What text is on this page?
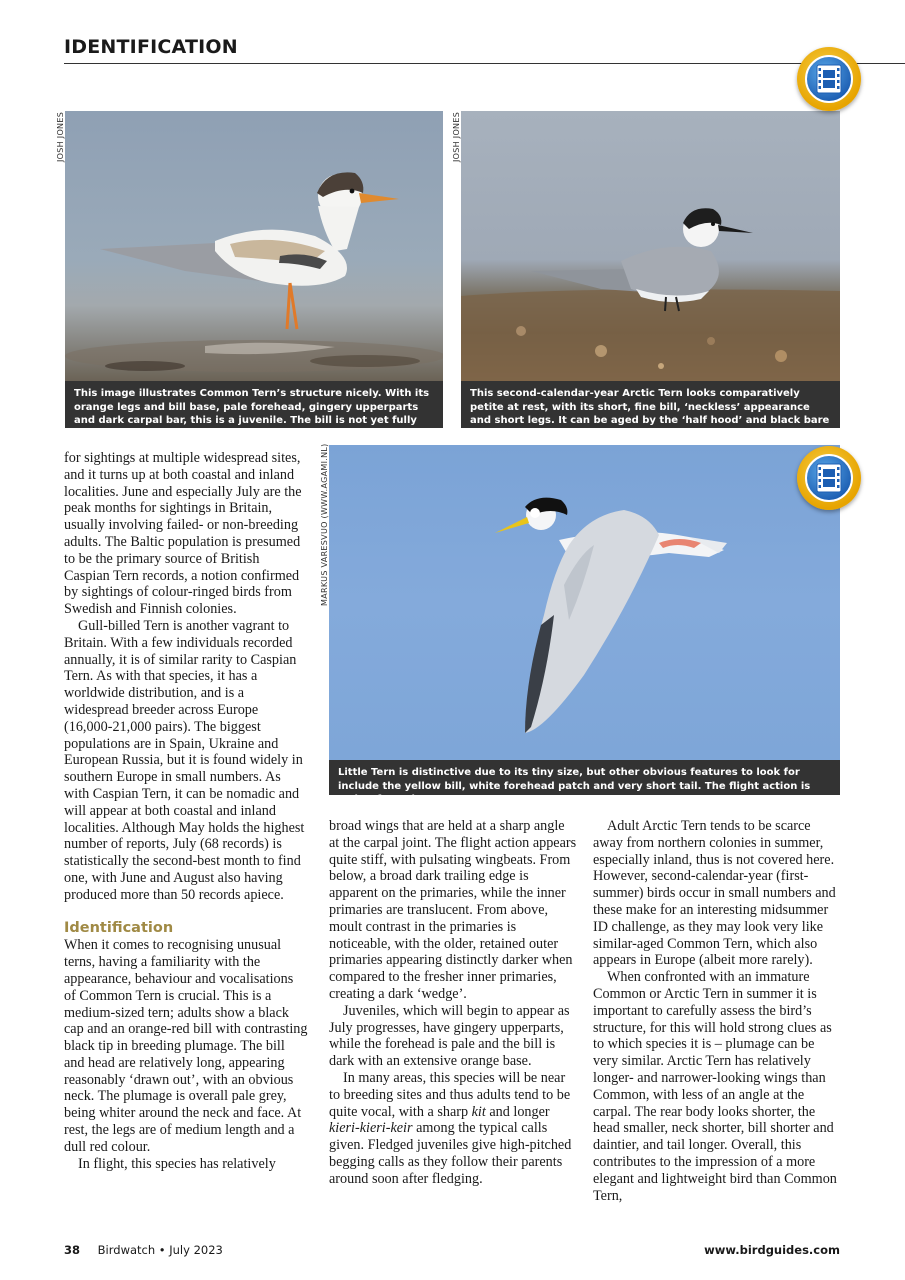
IDENTIFICATION
JOSH JONES
This image illustrates Common Tern’s structure nicely. With its orange legs and bill base, pale forehead, gingery upperparts and dark carpal bar, this is a juvenile. The bill is not yet fully grown and appears short.
JOSH JONES
This second-calendar-year Arctic Tern looks comparatively petite at rest, with its short, fine bill, ‘neckless’ appearance and short legs. It can be aged by the ‘half hood’ and black bare parts.
MARKUS VARESVUO (WWW.AGAMI.NL)
Little Tern is distinctive due to its tiny size, but other obvious features to look for include the yellow bill, white forehead patch and very short tail. The flight action is rather frenetic.

for sightings at multiple widespread sites, and it turns up at both coastal and inland localities. June and especially July are the peak months for sightings in Britain, usually involving failed- or non-breeding adults. The Baltic population is presumed to be the primary source of British Caspian Tern records, a notion confirmed by sightings of colour-ringed birds from Swedish and Finnish colonies.

Gull-billed Tern is another vagrant to Britain. With a few individuals recorded annually, it is of similar rarity to Caspian Tern. As with that species, it has a worldwide distribution, and is a widespread breeder across Europe (16,000-21,000 pairs). The biggest populations are in Spain, Ukraine and European Russia, but it is found widely in southern Europe in small numbers. As with Caspian Tern, it can be nomadic and will appear at both coastal and inland localities. Although May holds the highest number of reports, July (68 records) is statistically the second-best month to find one, with June and August also having produced more than 50 records apiece.

Identification

When it comes to recognising unusual terns, having a familiarity with the appearance, behaviour and vocalisations of Common Tern is crucial. This is a medium-sized tern; adults show a black cap and an orange-red bill with contrasting black tip in breeding plumage. The bill and head are relatively long, appearing reasonably ‘drawn out’, with an obvious neck. The plumage is overall pale grey, being whiter around the neck and face. At rest, the legs are of medium length and a dull red colour.

In flight, this species has relatively

broad wings that are held at a sharp angle at the carpal joint. The flight action appears quite stiff, with pulsating wingbeats. From below, a broad dark trailing edge is apparent on the primaries, while the inner primaries are translucent. From above, moult contrast in the primaries is noticeable, with the older, retained outer primaries appearing distinctly darker when compared to the fresher inner primaries, creating a dark ‘wedge’.

Juveniles, which will begin to appear as July progresses, have gingery upperparts, while the forehead is pale and the bill is dark with an extensive orange base.

In many areas, this species will be near to breeding sites and thus adults tend to be quite vocal, with a sharp kit and longer kieri-kieri-keir among the typical calls given. Fledged juveniles give high-pitched begging calls as they follow their parents around soon after fledging.

Adult Arctic Tern tends to be scarce away from northern colonies in summer, especially inland, thus is not covered here. However, second-calendar-year (first-summer) birds occur in small numbers and these make for an interesting midsummer ID challenge, as they may look very like similar-aged Common Tern, which also appears in Europe (albeit more rarely).

When confronted with an immature Common or Arctic Tern in summer it is important to carefully assess the bird’s structure, for this will hold strong clues as to which species it is – plumage can be very similar. Arctic Tern has relatively longer- and narrower-looking wings than Common, with less of an angle at the carpal. The rear body looks shorter, the head smaller, neck shorter, bill shorter and daintier, and tail longer. Overall, this contributes to the impression of a more elegant and lightweight bird than Common Tern,

38 Birdwatch • July 2023	www.birdguides.com
